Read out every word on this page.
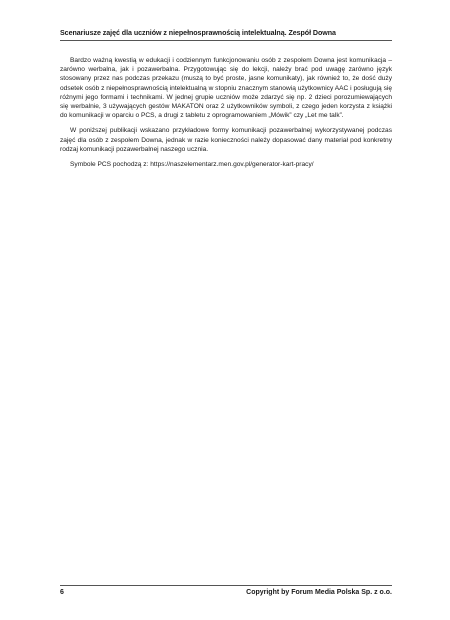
Scenariusze zajęć dla uczniów z niepełnosprawnością intelektualną. Zespół Downa

Bardzo ważną kwestią w edukacji i codziennym funkcjonowaniu osób z zespołem Downa jest komunikacja – zarówno werbalna, jak i pozawerbalna. Przygotowując się do lekcji, należy brać pod uwagę zarówno język stosowany przez nas podczas przekazu (muszą to być proste, jasne komunikaty), jak również to, że dość duży odsetek osób z niepełnosprawnością intelektualną w stopniu znacznym stanowią użytkownicy AAC i posługują się różnymi jego formami i technikami. W jednej grupie uczniów może zdarzyć się np. 2 dzieci porozumiewających się werbalnie, 3 używających gestów MAKATON oraz 2 użytkowników symboli, z czego jeden korzysta z książki do komunikacji w oparciu o PCS, a drugi z tabletu z oprogramowaniem „Mówik” czy „Let me talk”.

W poniższej publikacji wskazano przykładowe formy komunikacji pozawerbalnej wykorzystywanej podczas zajęć dla osób z zespołem Downa, jednak w razie konieczności należy dopasować dany materiał pod konkretny rodzaj komunikacji pozawerbalnej naszego ucznia.

Symbole PCS pochodzą z: https://naszelementarz.men.gov.pl/generator-kart-pracy/

6	Copyright by Forum Media Polska Sp. z o.o.
